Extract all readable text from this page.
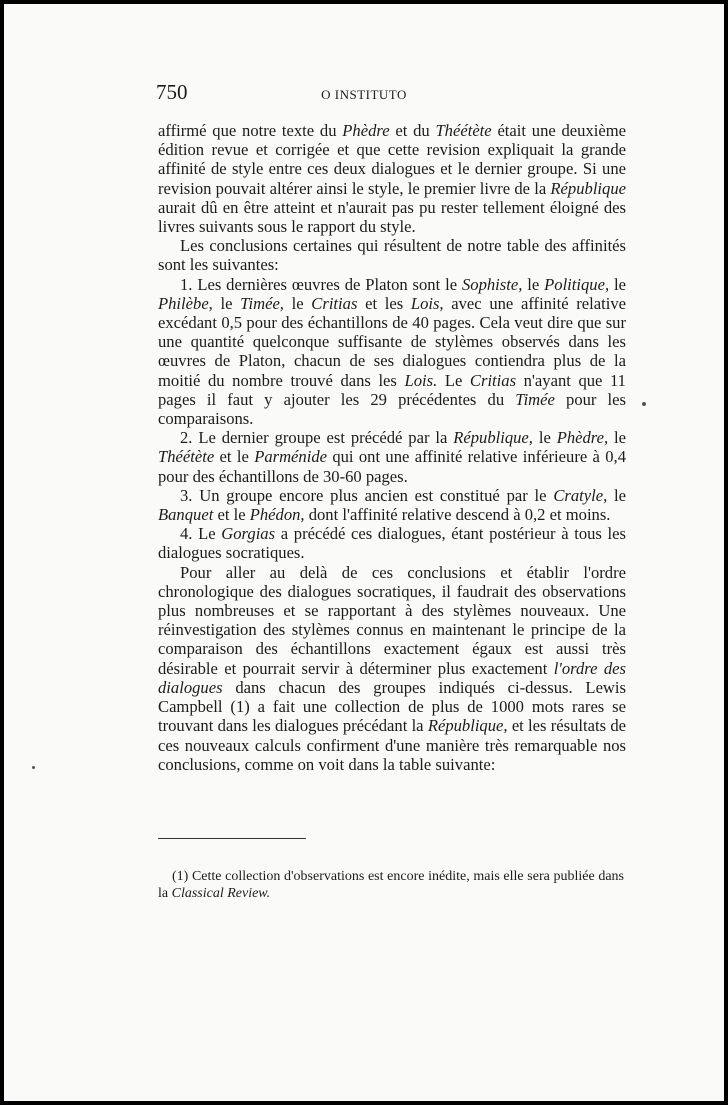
750	O INSTITUTO

affirmé que notre texte du Phèdre et du Théétète était une deuxième édition revue et corrigée et que cette revision expliquait la grande affinité de style entre ces deux dialogues et le dernier groupe. Si une revision pouvait altérer ainsi le style, le premier livre de la République aurait dû en être atteint et n'aurait pas pu rester tellement éloigné des livres suivants sous le rapport du style.

Les conclusions certaines qui résultent de notre table des affinités sont les suivantes:

1. Les dernières œuvres de Platon sont le Sophiste, le Politique, le Philèbe, le Timée, le Critias et les Lois, avec une affinité relative excédant 0,5 pour des échantillons de 40 pages. Cela veut dire que sur une quantité quelconque suffisante de stylèmes observés dans les œuvres de Platon, chacun de ses dialogues contiendra plus de la moitié du nombre trouvé dans les Lois. Le Critias n'ayant que 11 pages il faut y ajouter les 29 précédentes du Timée pour les comparaisons.

2. Le dernier groupe est précédé par la République, le Phèdre, le Théétète et le Parménide qui ont une affinité relative inférieure à 0,4 pour des échantillons de 30-60 pages.

3. Un groupe encore plus ancien est constitué par le Cratyle, le Banquet et le Phédon, dont l'affinité relative descend à 0,2 et moins.

4. Le Gorgias a précédé ces dialogues, étant postérieur à tous les dialogues socratiques.

Pour aller au delà de ces conclusions et établir l'ordre chronologique des dialogues socratiques, il faudrait des observations plus nombreuses et se rapportant à des stylèmes nouveaux. Une réinvestigation des stylèmes connus en maintenant le principe de la comparaison des échantillons exactement égaux est aussi très désirable et pourrait servir à déterminer plus exactement l'ordre des dialogues dans chacun des groupes indiqués ci-dessus. Lewis Campbell (1) a fait une collection de plus de 1000 mots rares se trouvant dans les dialogues précédant la République, et les résultats de ces nouveaux calculs confirment d'une manière très remarquable nos conclusions, comme on voit dans la table suivante:

(1) Cette collection d'observations est encore inédite, mais elle sera publiée dans la Classical Review.
